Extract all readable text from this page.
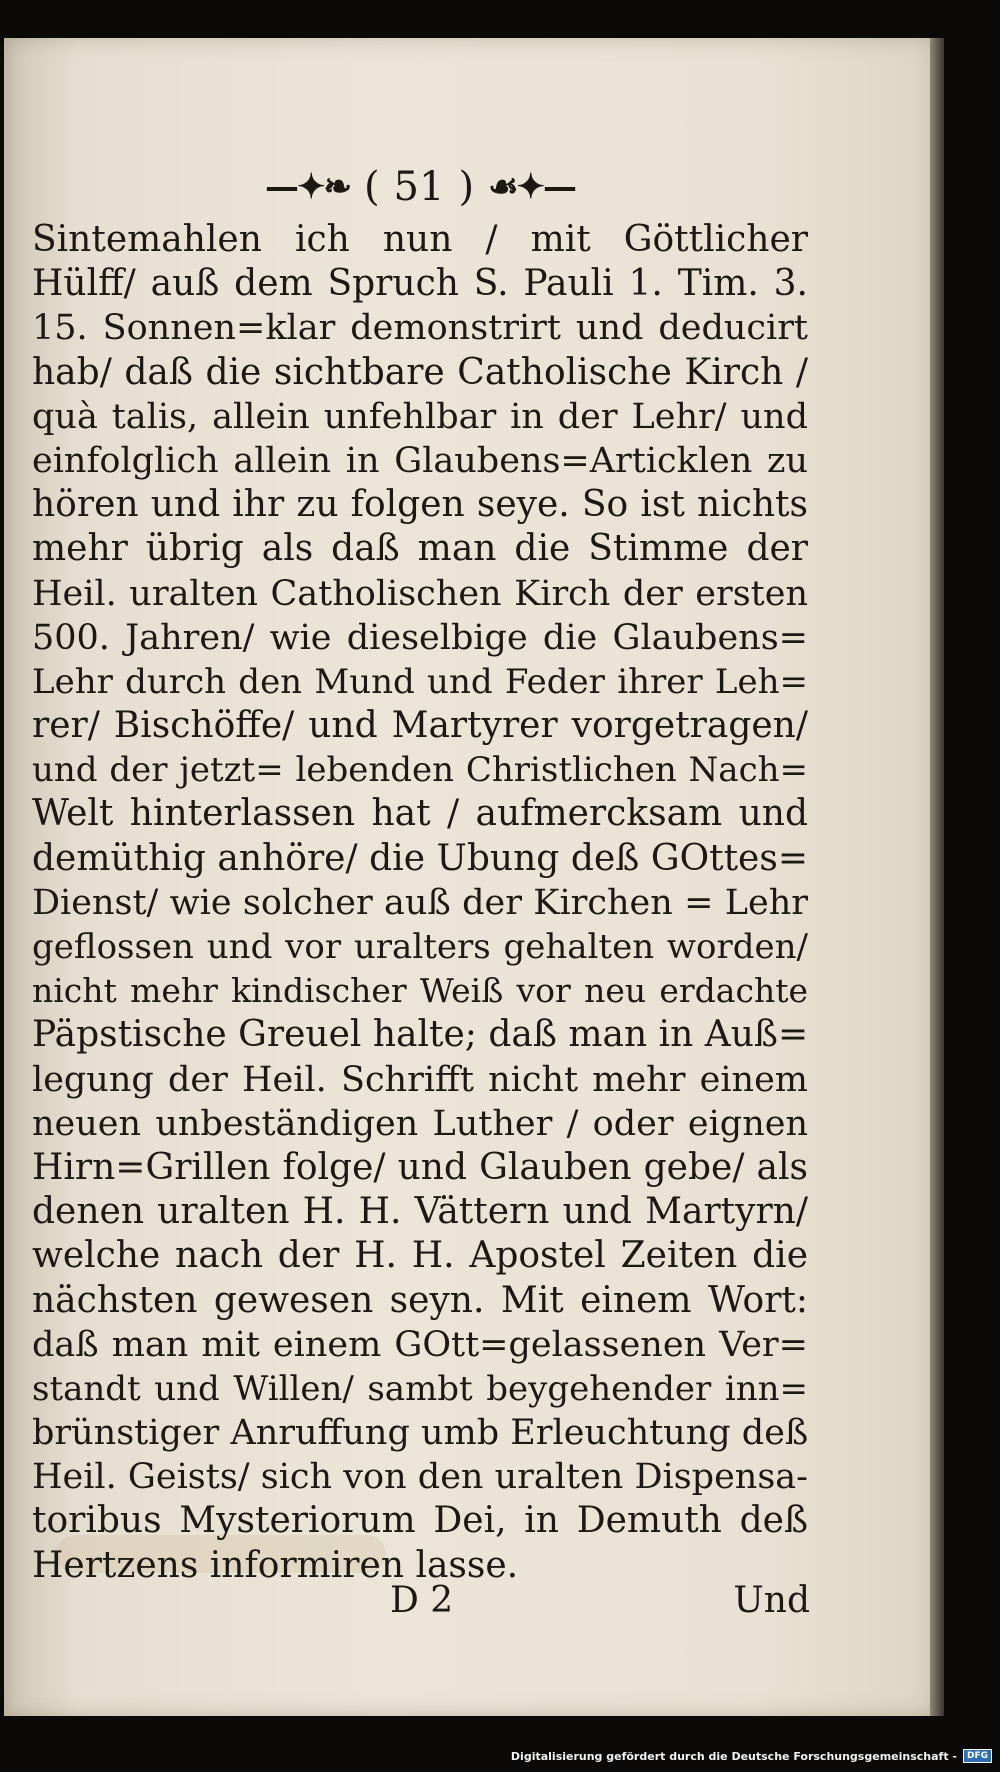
—✦❧ ( 51 ) ☙✦—
Sintemahlen ich nun / mit Göttlicher
Hülff/ auß dem Spruch S. Pauli 1. Tim. 3.
15. Sonnen=klar demonstrirt und deducirt
hab/ daß die sichtbare Catholische Kirch /
quà talis, allein unfehlbar in der Lehr/ und
einfolglich allein in Glaubens=Articklen zu
hören und ihr zu folgen seye. So ist nichts
mehr übrig als daß man die Stimme der
Heil. uralten Catholischen Kirch der ersten
500. Jahren/ wie dieselbige die Glaubens=
Lehr durch den Mund und Feder ihrer Leh=
rer/ Bischöffe/ und Martyrer vorgetragen/
und der jetzt= lebenden Christlichen Nach=
Welt hinterlassen hat / aufmercksam und
demüthig anhöre/ die Ubung deß GOttes=
Dienst/ wie solcher auß der Kirchen = Lehr
geflossen und vor uralters gehalten worden/
nicht mehr kindischer Weiß vor neu erdachte
Päpstische Greuel halte; daß man in Auß=
legung der Heil. Schrifft nicht mehr einem
neuen unbeständigen Luther / oder eignen
Hirn=Grillen folge/ und Glauben gebe/ als
denen uralten H. H. Vättern und Martyrn/
welche nach der H. H. Apostel Zeiten die
nächsten gewesen seyn. Mit einem Wort:
daß man mit einem GOtt=gelassenen Ver=
standt und Willen/ sambt beygehender inn=
brünstiger Anruffung umb Erleuchtung deß
Heil. Geists/ sich von den uralten Dispensa-
toribus Mysteriorum Dei, in Demuth deß
Hertzens informiren lasse.
D 2	Und
Digitalisierung gefördert durch die Deutsche Forschungsgemeinschaft -	DFG
